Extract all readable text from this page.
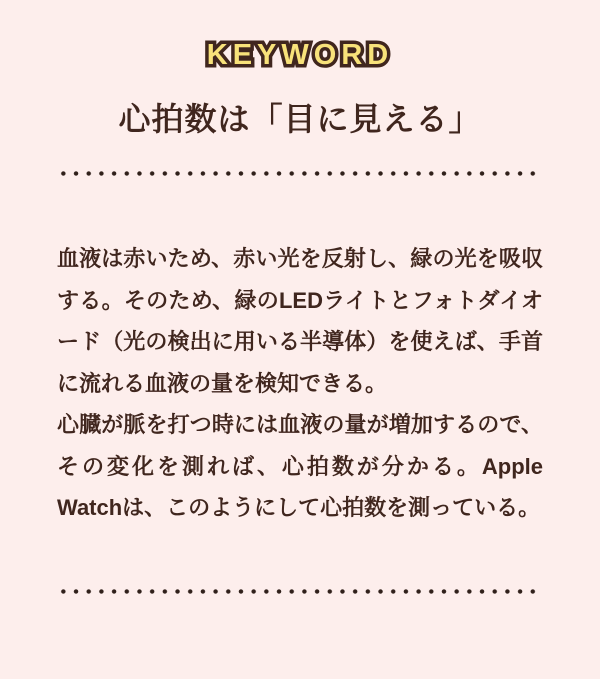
KEYWORD KEYWORD
心拍数は「目に見える」
血液は赤いため、赤い光を反射し、緑の光を吸収
する。そのため、緑のLEDライトとフォトダイオ
ード（光の検出に用いる半導体）を使えば、手首
に流れる血液の量を検知できる。
心臓が脈を打つ時には血液の量が増加するので、
その変化を測れば、心拍数が分かる。Apple
Watchは、このようにして心拍数を測っている。
